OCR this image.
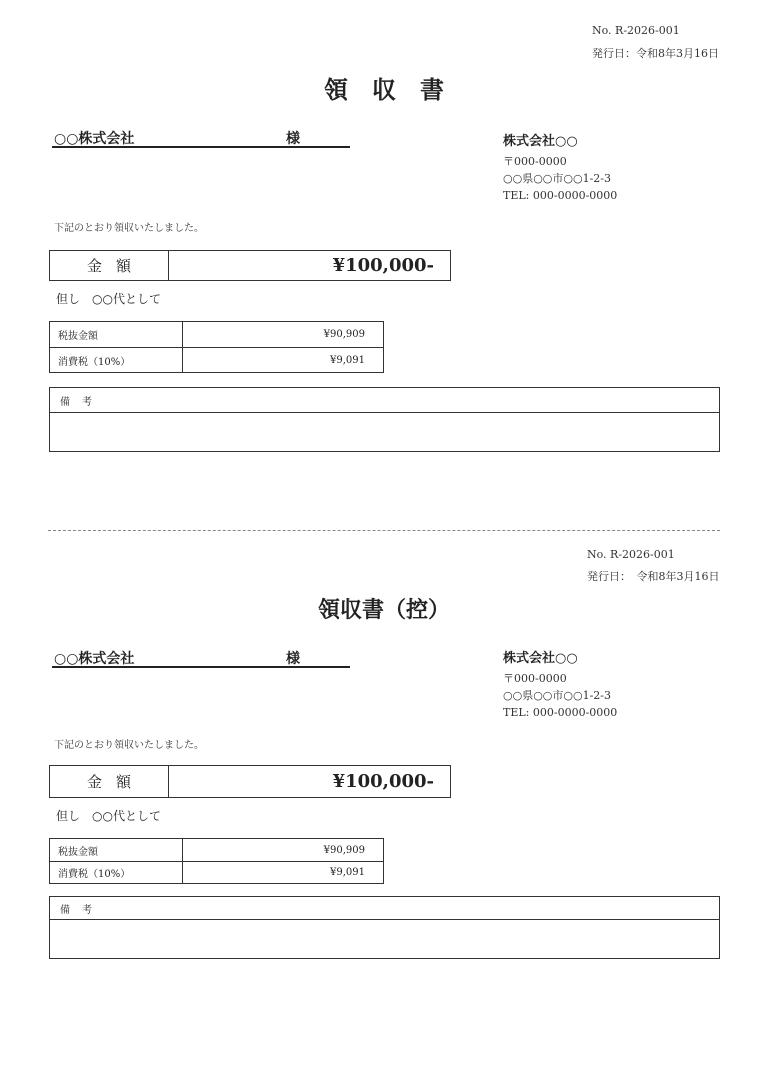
No. R-2026-001
発行日：令和8年3月16日
領　収　書
○○株式会社	様	株式会社○○
〒000-0000
○○県○○市○○1-2-3
TEL: 000-0000-0000
下記のとおり領収いたしました。
金額	¥100,000-
但し　○○代として
税抜金額	¥90,909
消費税（10%）	¥9,091
備考
No. R-2026-001
発行日：　令和8年3月16日
領収書（控）
○○株式会社	様	株式会社○○
〒000-0000
○○県○○市○○1-2-3
TEL: 000-0000-0000
下記のとおり領収いたしました。
金額	¥100,000-
但し　○○代として
税抜金額	¥90,909
消費税（10%）	¥9,091
備考
